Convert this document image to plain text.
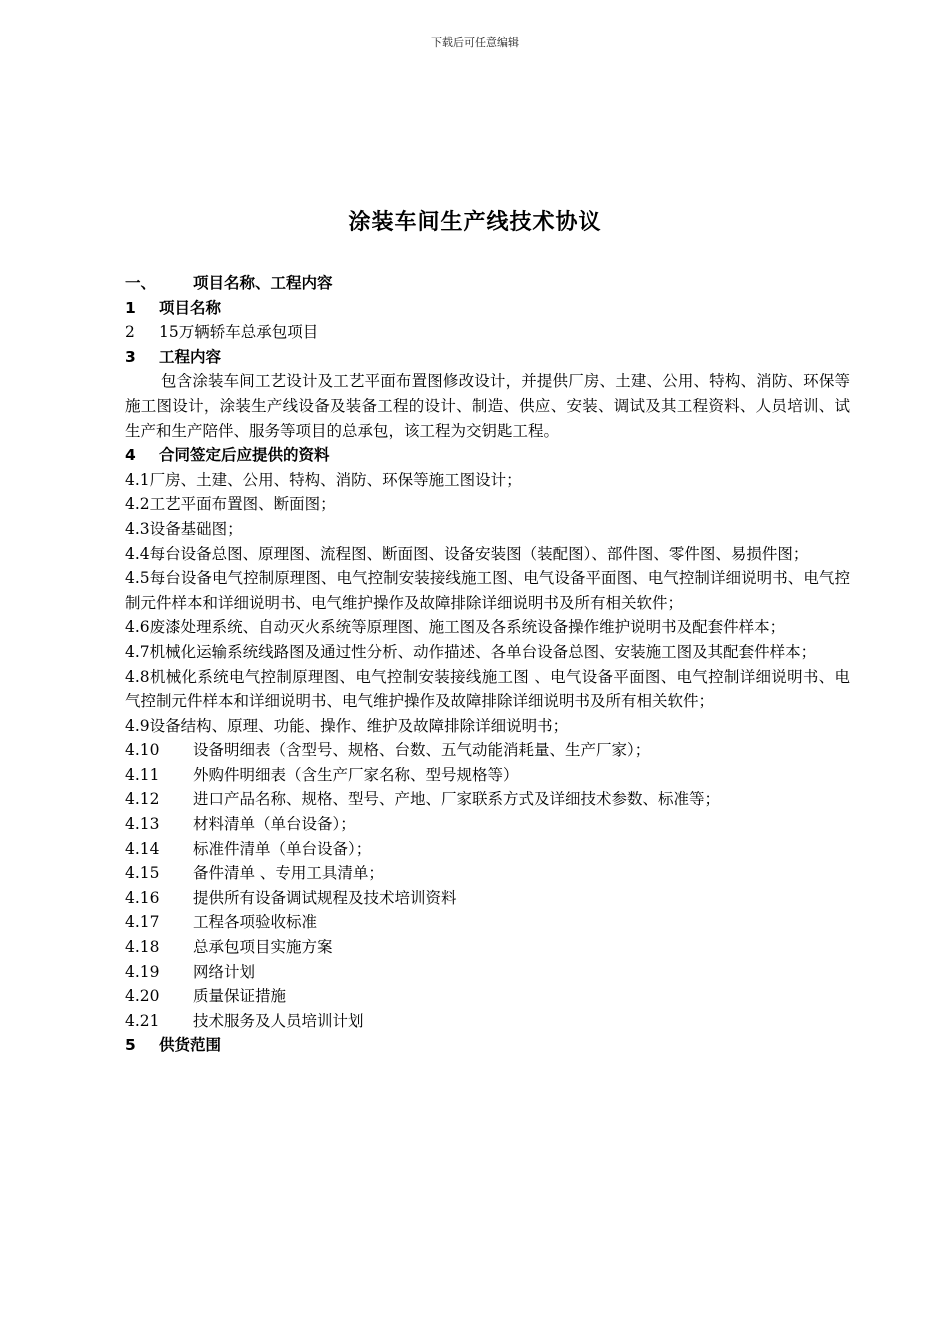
下载后可任意编辑
涂装车间生产线技术协议
一、 项目名称、工程内容
1 项目名称
2 15万辆轿车总承包项目
3 工程内容
包含涂装车间工艺设计及工艺平面布置图修改设计，并提供厂房、土建、公用、特构、消防、环保等施工图设计，涂装生产线设备及装备工程的设计、制造、供应、安装、调试及其工程资料、人员培训、试生产和生产陪伴、服务等项目的总承包，该工程为交钥匙工程。
4 合同签定后应提供的资料
4.1厂房、土建、公用、特构、消防、环保等施工图设计；
4.2工艺平面布置图、断面图；
4.3设备基础图；
4.4每台设备总图、原理图、流程图、断面图、设备安装图（装配图）、部件图、零件图、易损件图；
4.5每台设备电气控制原理图、电气控制安装接线施工图、电气设备平面图、电气控制详细说明书、电气控制元件样本和详细说明书、电气维护操作及故障排除详细说明书及所有相关软件；
4.6废漆处理系统、自动灭火系统等原理图、施工图及各系统设备操作维护说明书及配套件样本；
4.7机械化运输系统线路图及通过性分析、动作描述、各单台设备总图、安装施工图及其配套件样本；
4.8机械化系统电气控制原理图、电气控制安装接线施工图 、电气设备平面图、电气控制详细说明书、电气控制元件样本和详细说明书、电气维护操作及故障排除详细说明书及所有相关软件；
4.9设备结构、原理、功能、操作、维护及故障排除详细说明书；
4.10 设备明细表（含型号、规格、台数、五气动能消耗量、生产厂家）；
4.11 外购件明细表（含生产厂家名称、型号规格等）
4.12 进口产品名称、规格、型号、产地、厂家联系方式及详细技术参数、标准等；
4.13 材料清单（单台设备）；
4.14 标准件清单（单台设备）；
4.15 备件清单 、专用工具清单；
4.16 提供所有设备调试规程及技术培训资料
4.17 工程各项验收标准
4.18 总承包项目实施方案
4.19 网络计划
4.20 质量保证措施
4.21 技术服务及人员培训计划
5 供货范围
